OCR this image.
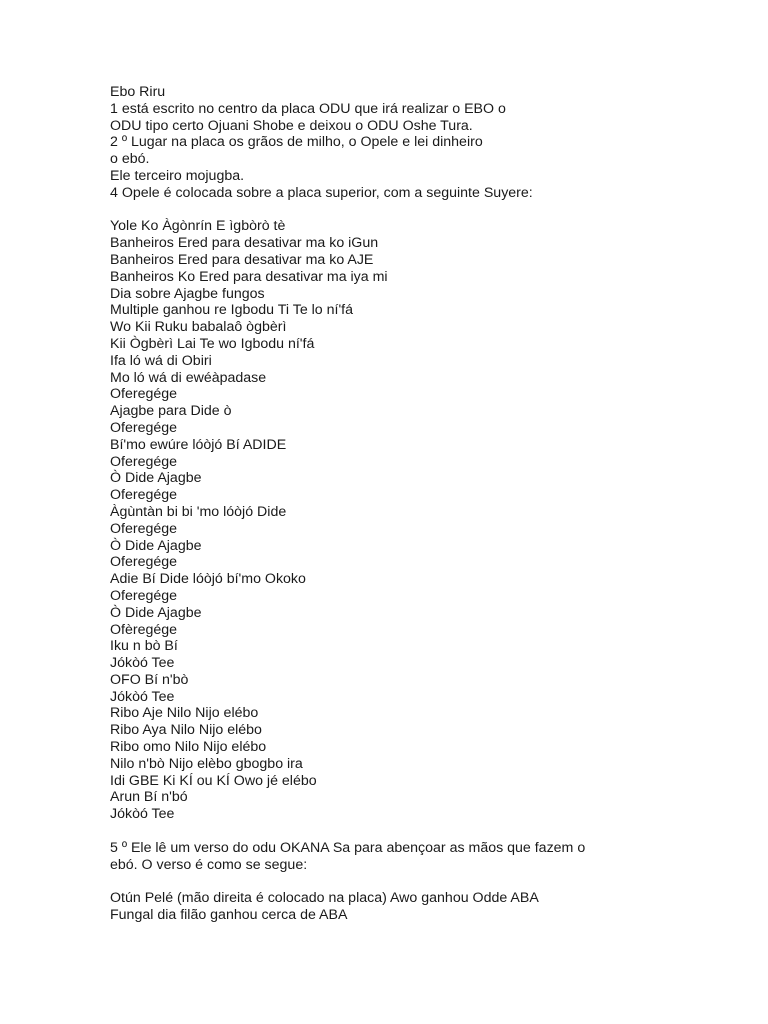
Ebo Riru
1 está escrito no centro da placa ODU que irá realizar o EBO o
ODU tipo certo Ojuani Shobe e deixou o ODU Oshe Tura.
2 º Lugar na placa os grãos de milho, o Opele e lei dinheiro
o ebó.
Ele terceiro mojugba.
4 Opele é colocada sobre a placa superior, com a seguinte Suyere:
Yole Ko Àgònrín E ìgbòrò tè
Banheiros Ered para desativar ma ko iGun
Banheiros Ered para desativar ma ko AJE
Banheiros Ko Ered para desativar ma iya mi
Dia sobre Ajagbe fungos
Multiple ganhou re Igbodu Ti Te lo ní'fá
Wo Kii Ruku babalaô ògbèrì
Kii Ògbèrì Lai Te wo Igbodu ní'fá
Ifa ló wá di Obiri
Mo ló wá di ewéàpadase
Oferegége
Ajagbe para Dide ò
Oferegége
Bí'mo ewúre lóòjó Bí ADIDE
Oferegége
Ò Dide Ajagbe
Oferegége
Àgùntàn bi bi 'mo lóòjó Dide
Oferegége
Ò Dide Ajagbe
Oferegége
Adie Bí Dide lóòjó bí'mo Okoko
Oferegége
Ò Dide Ajagbe
Ofèregége
Iku n bò Bí
Jókòó Tee
OFO Bí n'bò
Jókòó Tee
Ribo Aje Nilo Nijo elébo
Ribo Aya Nilo Nijo elébo
Ribo omo Nilo Nijo elébo
Nilo n'bò Nijo elèbo gbogbo ira
Idi GBE Ki KÍ ou KÍ Owo jé elébo
Arun Bí n'bó
Jókòó Tee
5 º Ele lê um verso do odu OKANA Sa para abençoar as mãos que fazem o
ebó. O verso é como se segue:
Otún Pelé (mão direita é colocado na placa) Awo ganhou Odde ABA
Fungal dia filão ganhou cerca de ABA
